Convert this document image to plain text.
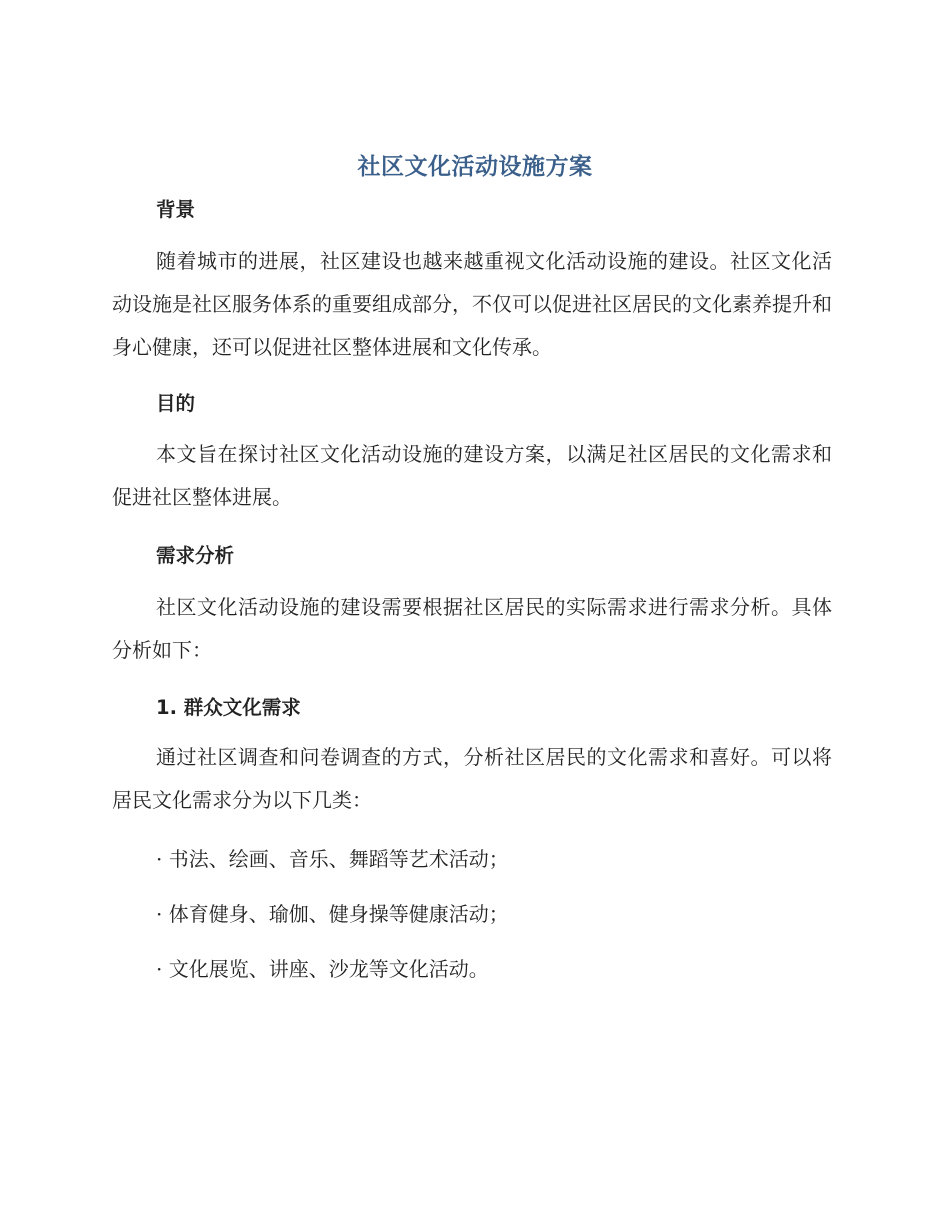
社区文化活动设施方案
背景

随着城市的进展，社区建设也越来越重视文化活动设施的建设。社区文化活动设施是社区服务体系的重要组成部分，不仅可以促进社区居民的文化素养提升和身心健康，还可以促进社区整体进展和文化传承。

目的

本文旨在探讨社区文化活动设施的建设方案，以满足社区居民的文化需求和促进社区整体进展。

需求分析

社区文化活动设施的建设需要根据社区居民的实际需求进行需求分析。具体分析如下：

1. 群众文化需求

通过社区调查和问卷调查的方式，分析社区居民的文化需求和喜好。可以将居民文化需求分为以下几类：

· 书法、绘画、音乐、舞蹈等艺术活动；
· 体育健身、瑜伽、健身操等健康活动；
· 文化展览、讲座、沙龙等文化活动。
